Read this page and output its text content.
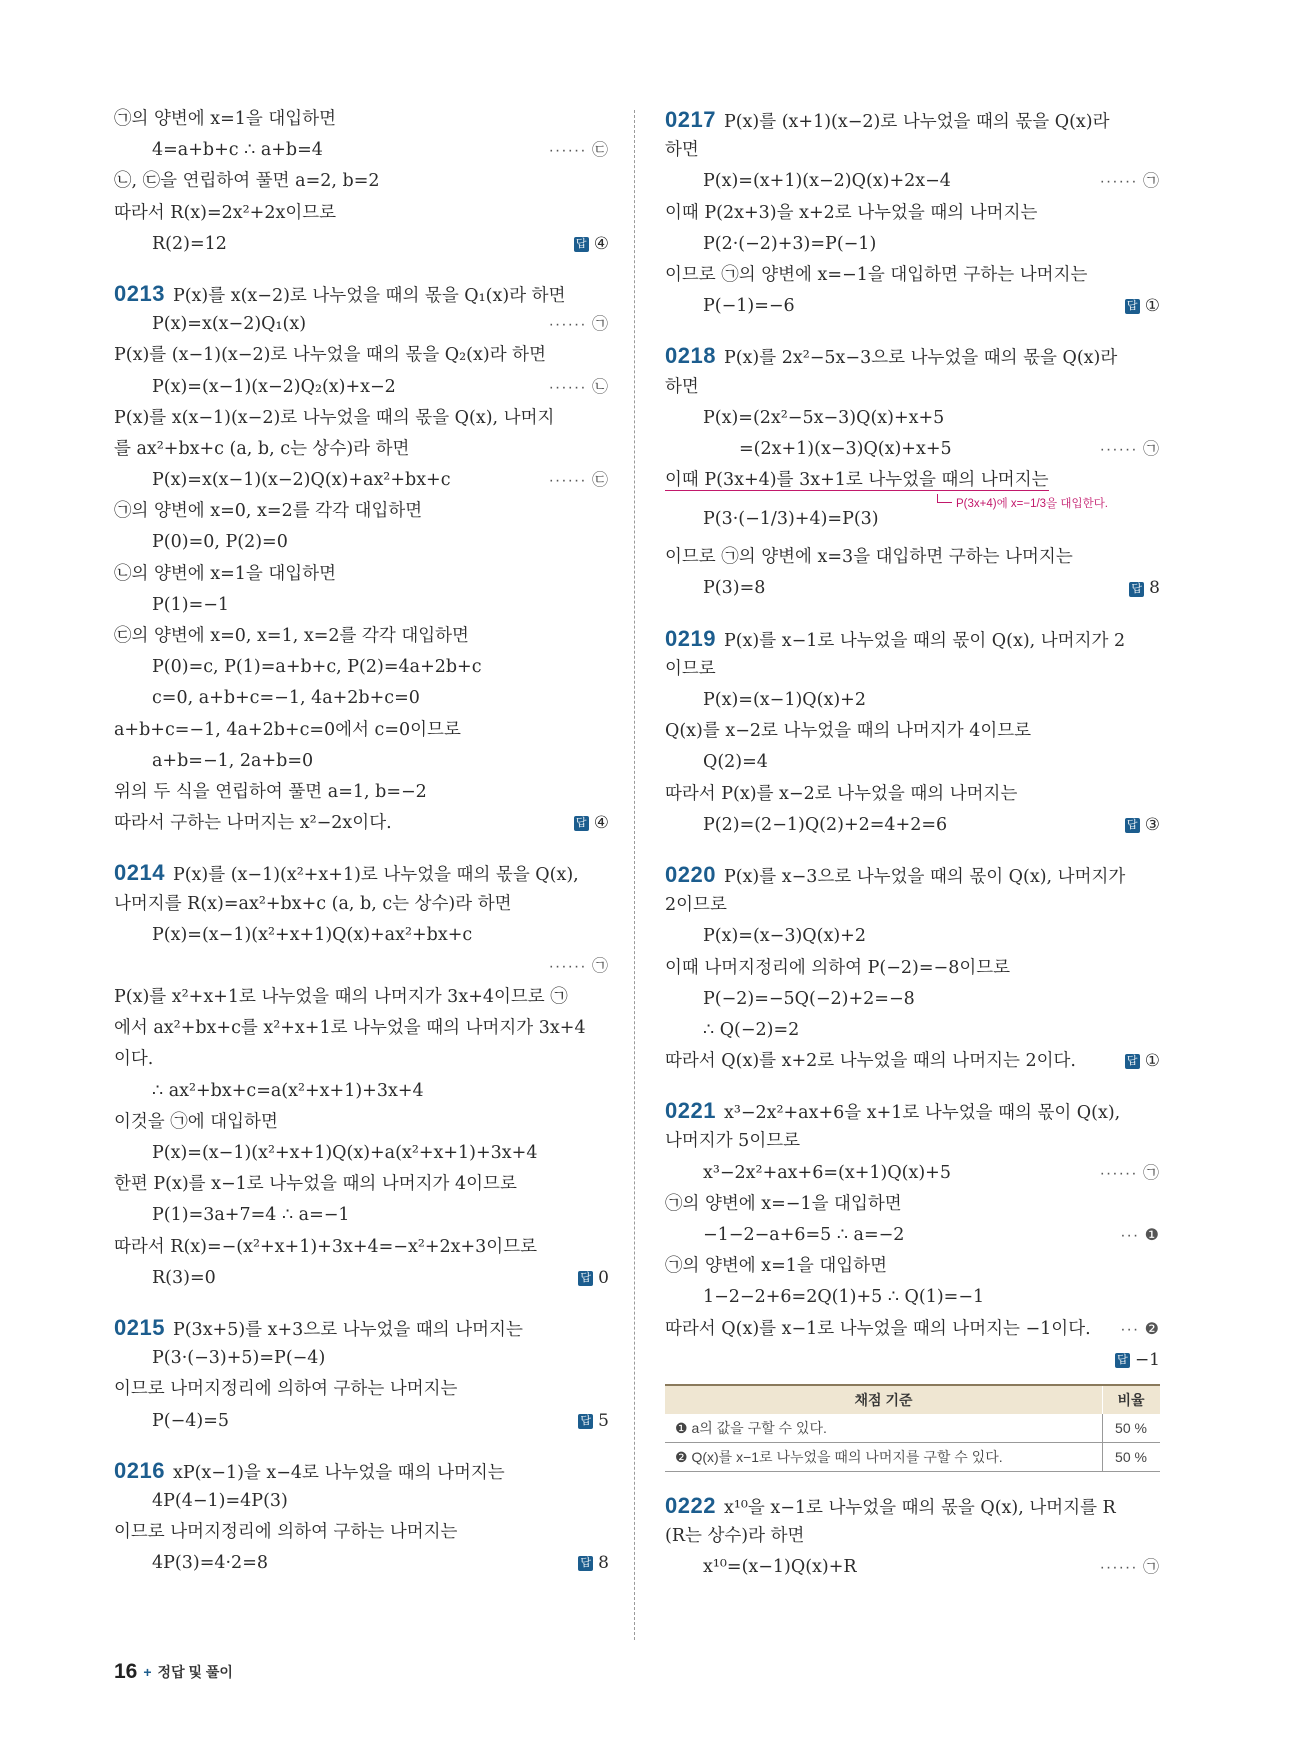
㉠의 양변에 x=1을 대입하면
4=a+b+c ∴ a+b=4	······ ㉢
㉡, ㉢을 연립하여 풀면 a=2, b=2
따라서 R(x)=2x²+2x이므로
R(2)=12	답 ④
0213 P(x)를 x(x−2)로 나누었을 때의 몫을 Q₁(x)라 하면
P(x)=x(x−2)Q₁(x)	······ ㉠
P(x)를 (x−1)(x−2)로 나누었을 때의 몫을 Q₂(x)라 하면
P(x)=(x−1)(x−2)Q₂(x)+x−2	······ ㉡
P(x)를 x(x−1)(x−2)로 나누었을 때의 몫을 Q(x), 나머지
를 ax²+bx+c (a, b, c는 상수)라 하면
P(x)=x(x−1)(x−2)Q(x)+ax²+bx+c	······ ㉢
㉠의 양변에 x=0, x=2를 각각 대입하면
P(0)=0, P(2)=0
㉡의 양변에 x=1을 대입하면
P(1)=−1
㉢의 양변에 x=0, x=1, x=2를 각각 대입하면
P(0)=c, P(1)=a+b+c, P(2)=4a+2b+c
c=0, a+b+c=−1, 4a+2b+c=0
a+b+c=−1, 4a+2b+c=0에서 c=0이므로
a+b=−1, 2a+b=0
위의 두 식을 연립하여 풀면 a=1, b=−2
따라서 구하는 나머지는 x²−2x이다.	답 ④
0214 P(x)를 (x−1)(x²+x+1)로 나누었을 때의 몫을 Q(x),
나머지를 R(x)=ax²+bx+c (a, b, c는 상수)라 하면
P(x)=(x−1)(x²+x+1)Q(x)+ax²+bx+c
······ ㉠
P(x)를 x²+x+1로 나누었을 때의 나머지가 3x+4이므로 ㉠
에서 ax²+bx+c를 x²+x+1로 나누었을 때의 나머지가 3x+4
이다.
∴ ax²+bx+c=a(x²+x+1)+3x+4
이것을 ㉠에 대입하면
P(x)=(x−1)(x²+x+1)Q(x)+a(x²+x+1)+3x+4
한편 P(x)를 x−1로 나누었을 때의 나머지가 4이므로
P(1)=3a+7=4 ∴ a=−1
따라서 R(x)=−(x²+x+1)+3x+4=−x²+2x+3이므로
R(3)=0	답 0
0215 P(3x+5)를 x+3으로 나누었을 때의 나머지는
P(3·(−3)+5)=P(−4)
이므로 나머지정리에 의하여 구하는 나머지는
P(−4)=5	답 5
0216 xP(x−1)을 x−4로 나누었을 때의 나머지는
4P(4−1)=4P(3)
이므로 나머지정리에 의하여 구하는 나머지는
4P(3)=4·2=8	답 8
0217 P(x)를 (x+1)(x−2)로 나누었을 때의 몫을 Q(x)라
하면
P(x)=(x+1)(x−2)Q(x)+2x−4	······ ㉠
이때 P(2x+3)을 x+2로 나누었을 때의 나머지는
P(2·(−2)+3)=P(−1)
이므로 ㉠의 양변에 x=−1을 대입하면 구하는 나머지는
P(−1)=−6	답 ①
0218 P(x)를 2x²−5x−3으로 나누었을 때의 몫을 Q(x)라
하면
P(x)=(2x²−5x−3)Q(x)+x+5
=(2x+1)(x−3)Q(x)+x+5	······ ㉠
이때 P(3x+4)를 3x+1로 나누었을 때의 나머지는
P(3·(−1/3)+4)=P(3)
P(3x+4)에 x=−1/3을 대입한다.
이므로 ㉠의 양변에 x=3을 대입하면 구하는 나머지는
P(3)=8	답 8
0219 P(x)를 x−1로 나누었을 때의 몫이 Q(x), 나머지가 2
이므로
P(x)=(x−1)Q(x)+2
Q(x)를 x−2로 나누었을 때의 나머지가 4이므로
Q(2)=4
따라서 P(x)를 x−2로 나누었을 때의 나머지는
P(2)=(2−1)Q(2)+2=4+2=6	답 ③
0220 P(x)를 x−3으로 나누었을 때의 몫이 Q(x), 나머지가
2이므로
P(x)=(x−3)Q(x)+2
이때 나머지정리에 의하여 P(−2)=−8이므로
P(−2)=−5Q(−2)+2=−8
∴ Q(−2)=2
따라서 Q(x)를 x+2로 나누었을 때의 나머지는 2이다.	답 ①
0221 x³−2x²+ax+6을 x+1로 나누었을 때의 몫이 Q(x),
나머지가 5이므로
x³−2x²+ax+6=(x+1)Q(x)+5	······ ㉠
㉠의 양변에 x=−1을 대입하면
−1−2−a+6=5 ∴ a=−2	··· ❶
㉠의 양변에 x=1을 대입하면
1−2−2+6=2Q(1)+5 ∴ Q(1)=−1
따라서 Q(x)를 x−1로 나누었을 때의 나머지는 −1이다. ··· ❷
답 −1
채점 기준	비율
❶ a의 값을 구할 수 있다.	50 %
❷ Q(x)를 x−1로 나누었을 때의 나머지를 구할 수 있다.	50 %
0222 x¹⁰을 x−1로 나누었을 때의 몫을 Q(x), 나머지를 R
(R는 상수)라 하면
x¹⁰=(x−1)Q(x)+R	······ ㉠
16 + 정답 및 풀이
